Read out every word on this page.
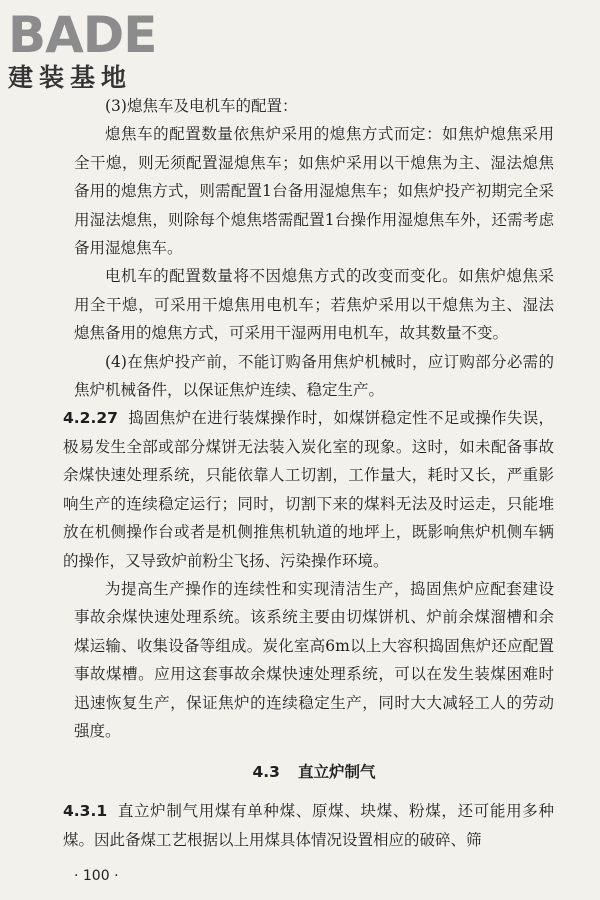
BADE
建装基地

(3)熄焦车及电机车的配置：

熄焦车的配置数量依焦炉采用的熄焦方式而定：如焦炉熄焦采用全干熄，则无须配置湿熄焦车；如焦炉采用以干熄焦为主、湿法熄焦备用的熄焦方式，则需配置1台备用湿熄焦车；如焦炉投产初期完全采用湿法熄焦，则除每个熄焦塔需配置1台操作用湿熄焦车外，还需考虑备用湿熄焦车。

电机车的配置数量将不因熄焦方式的改变而变化。如焦炉熄焦采用全干熄，可采用干熄焦用电机车；若焦炉采用以干熄焦为主、湿法熄焦备用的熄焦方式，可采用干湿两用电机车，故其数量不变。

(4)在焦炉投产前，不能订购备用焦炉机械时，应订购部分必需的焦炉机械备件，以保证焦炉连续、稳定生产。

4.2.27 捣固焦炉在进行装煤操作时，如煤饼稳定性不足或操作失误，极易发生全部或部分煤饼无法装入炭化室的现象。这时，如未配备事故余煤快速处理系统，只能依靠人工切割，工作量大，耗时又长，严重影响生产的连续稳定运行；同时，切割下来的煤料无法及时运走，只能堆放在机侧操作台或者是机侧推焦机轨道的地坪上，既影响焦炉机侧车辆的操作，又导致炉前粉尘飞扬、污染操作环境。

为提高生产操作的连续性和实现清洁生产，捣固焦炉应配套建设事故余煤快速处理系统。该系统主要由切煤饼机、炉前余煤溜槽和余煤运输、收集设备等组成。炭化室高6m以上大容积捣固焦炉还应配置事故煤槽。应用这套事故余煤快速处理系统，可以在发生装煤困难时迅速恢复生产，保证焦炉的连续稳定生产，同时大大减轻工人的劳动强度。

4.3 直立炉制气

4.3.1 直立炉制气用煤有单种煤、原煤、块煤、粉煤，还可能用多种煤。因此备煤工艺根据以上用煤具体情况设置相应的破碎、筛

· 100 ·
